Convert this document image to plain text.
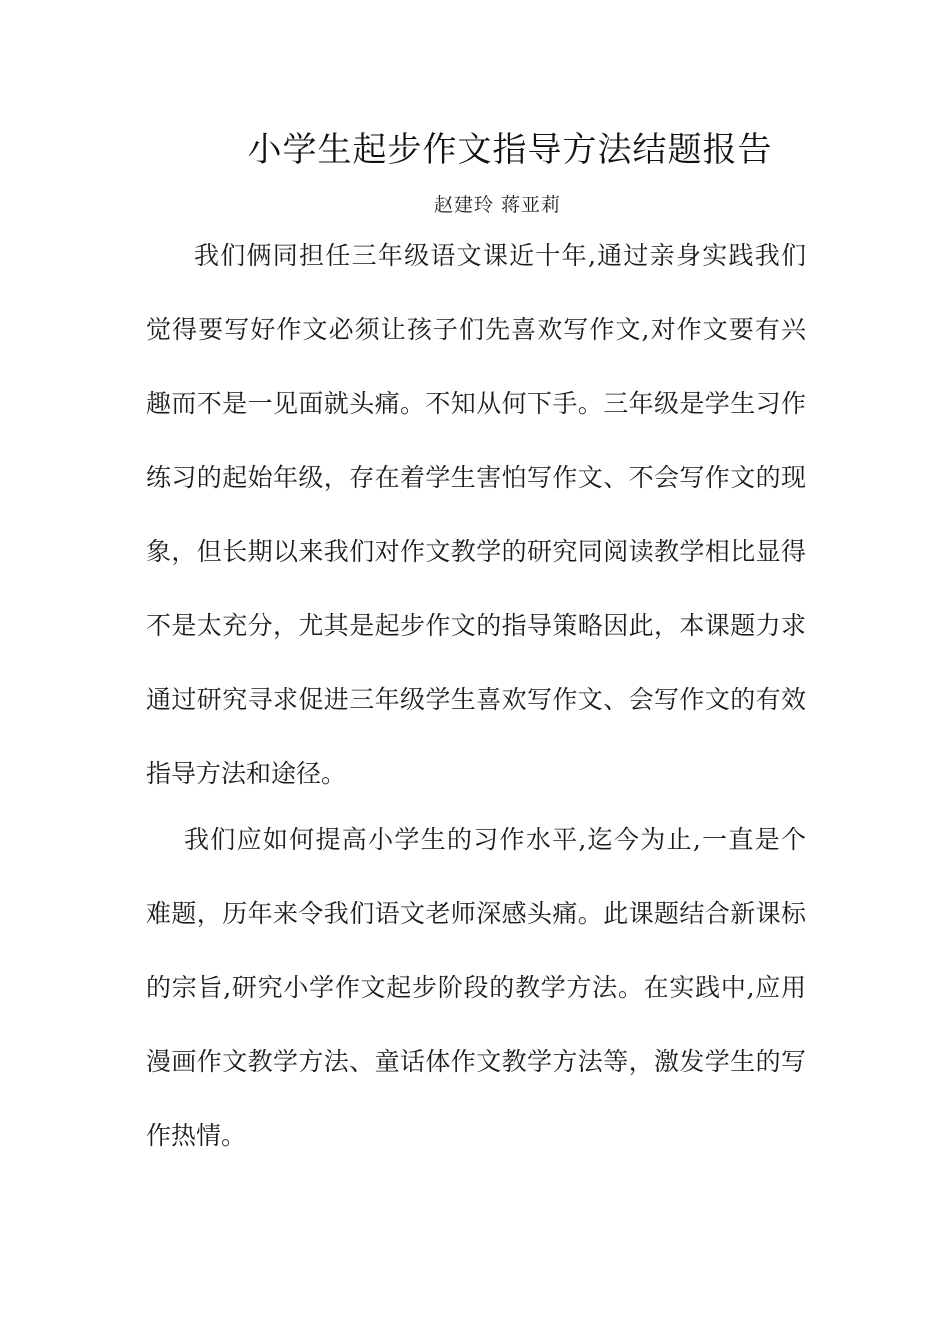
小学生起步作文指导方法结题报告
赵建玲 蒋亚莉
我们俩同担任三年级语文课近十年,通过亲身实践我们
觉得要写好作文必须让孩子们先喜欢写作文,对作文要有兴
趣而不是一见面就头痛。不知从何下手。三年级是学生习作
练习的起始年级，存在着学生害怕写作文、不会写作文的现
象，但长期以来我们对作文教学的研究同阅读教学相比显得
不是太充分，尤其是起步作文的指导策略因此，本课题力求
通过研究寻求促进三年级学生喜欢写作文、会写作文的有效
指导方法和途径。
我们应如何提高小学生的习作水平,迄今为止,一直是个
难题，历年来令我们语文老师深感头痛。此课题结合新课标
的宗旨,研究小学作文起步阶段的教学方法。在实践中,应用
漫画作文教学方法、童话体作文教学方法等，激发学生的写
作热情。
